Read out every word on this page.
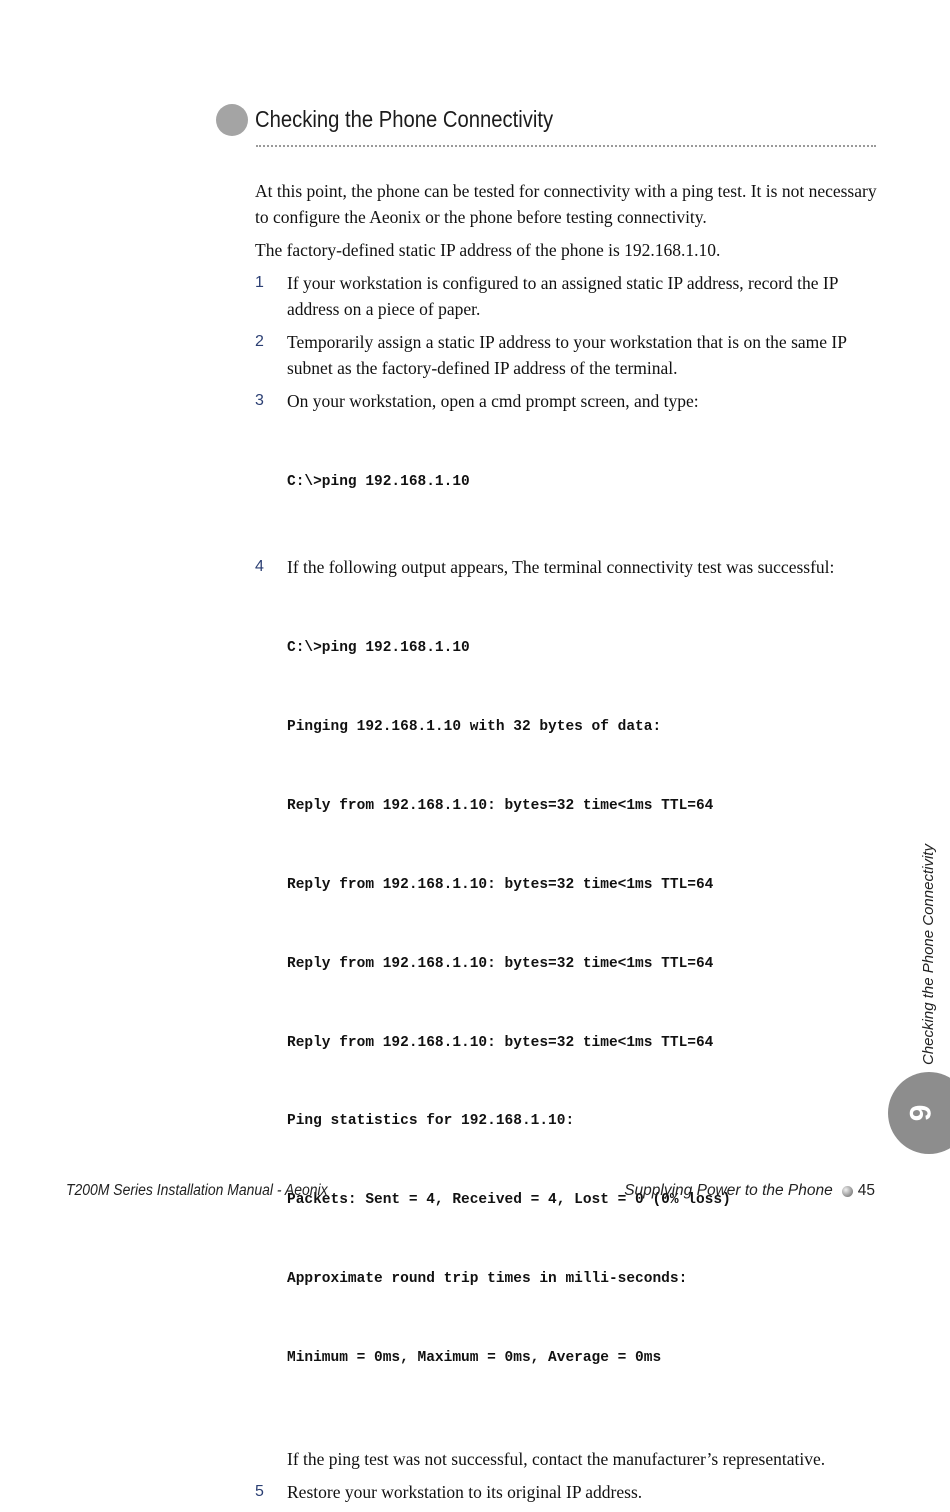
Checking the Phone Connectivity

At this point, the phone can be tested for connectivity with a ping test. It is not necessary to configure the Aeonix or the phone before testing connectivity.

The factory-defined static IP address of the phone is 192.168.1.10.

1 If your workstation is configured to an assigned static IP address, record the IP address on a piece of paper.

2 Temporarily assign a static IP address to your workstation that is on the same IP subnet as the factory-defined IP address of the terminal.

3 On your workstation, open a cmd prompt screen, and type:

C:\>ping 192.168.1.10

4 If the following output appears, The terminal connectivity test was successful:

C:\>ping 192.168.1.10

Pinging 192.168.1.10 with 32 bytes of data:

Reply from 192.168.1.10: bytes=32 time<1ms TTL=64

Reply from 192.168.1.10: bytes=32 time<1ms TTL=64

Reply from 192.168.1.10: bytes=32 time<1ms TTL=64

Reply from 192.168.1.10: bytes=32 time<1ms TTL=64

Ping statistics for 192.168.1.10:

Packets: Sent = 4, Received = 4, Lost = 0 (0% loss)

Approximate round trip times in milli-seconds:

Minimum = 0ms, Maximum = 0ms, Average = 0ms

If the ping test was not successful, contact the manufacturer’s representative.

5 Restore your workstation to its original IP address.

Checking the Phone Connectivity
6
T200M Series Installation Manual - Aeonix	Supplying Power to the Phone 45
